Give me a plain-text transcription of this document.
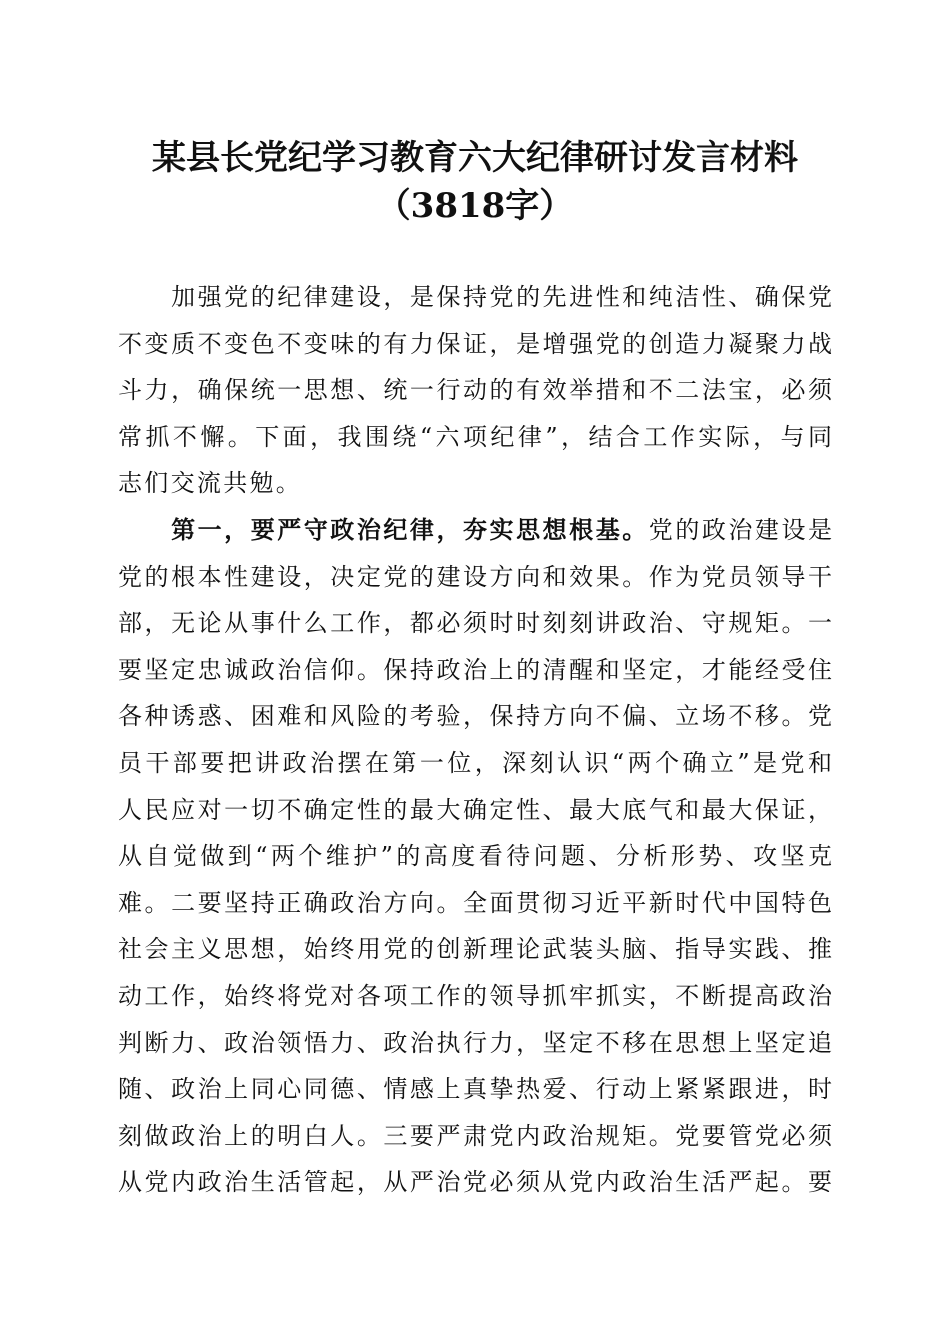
某县长党纪学习教育六大纪律研讨发言材料
（3818字）

　　加强党的纪律建设，是保持党的先进性和纯洁性、确保党
不变质不变色不变味的有力保证，是增强党的创造力凝聚力战
斗力，确保统一思想、统一行动的有效举措和不二法宝，必须
常抓不懈。下面，我围绕“六项纪律”，结合工作实际，与同
志们交流共勉。

　　第一，要严守政治纪律，夯实思想根基。党的政治建设是
党的根本性建设，决定党的建设方向和效果。作为党员领导干
部，无论从事什么工作，都必须时时刻刻讲政治、守规矩。一
要坚定忠诚政治信仰。保持政治上的清醒和坚定，才能经受住
各种诱惑、困难和风险的考验，保持方向不偏、立场不移。党
员干部要把讲政治摆在第一位，深刻认识“两个确立”是党和
人民应对一切不确定性的最大确定性、最大底气和最大保证，
从自觉做到“两个维护”的高度看待问题、分析形势、攻坚克
难。二要坚持正确政治方向。全面贯彻习近平新时代中国特色
社会主义思想，始终用党的创新理论武装头脑、指导实践、推
动工作，始终将党对各项工作的领导抓牢抓实，不断提高政治
判断力、政治领悟力、政治执行力，坚定不移在思想上坚定追
随、政治上同心同德、情感上真挚热爱、行动上紧紧跟进，时
刻做政治上的明白人。三要严肃党内政治规矩。党要管党必须
从党内政治生活管起，从严治党必须从党内政治生活严起。要
